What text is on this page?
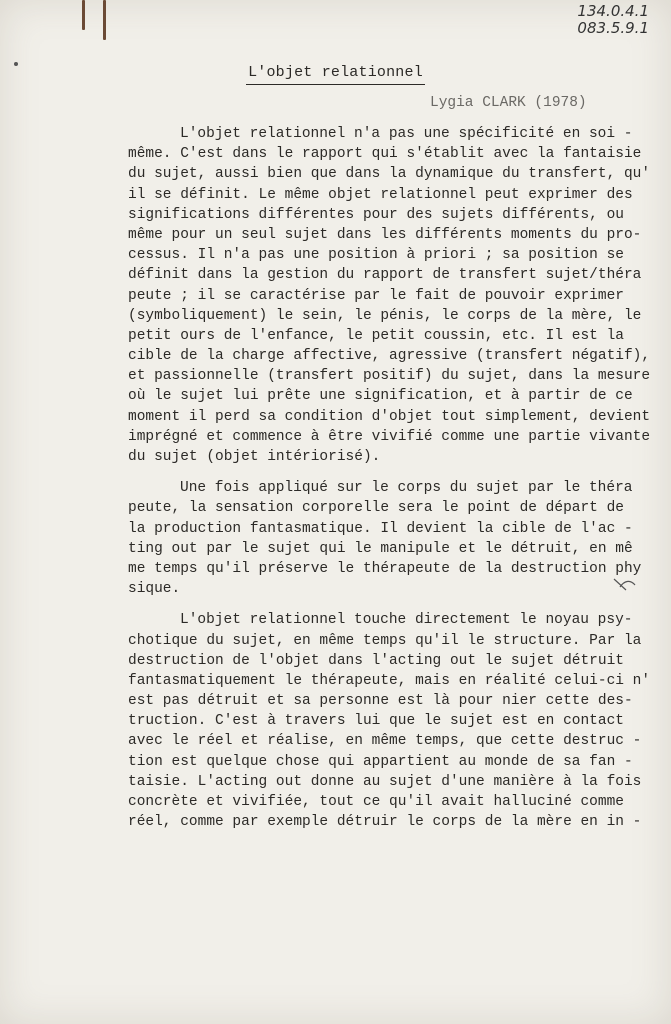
134.0.4.1
083.5.9.1
L'objet relationnel
Lygia CLARK (1978)
L'objet relationnel n'a pas une spécificité en soi -
même. C'est dans le rapport qui s'établit avec la fantaisie
du sujet, aussi bien que dans la dynamique du transfert, qu'
il se définit. Le même objet relationnel peut exprimer des
significations différentes pour des sujets différents, ou
même pour un seul sujet dans les différents moments du pro-
cessus. Il n'a pas une position à priori ; sa position se
définit dans la gestion du rapport de transfert sujet/théra
peute ; il se caractérise par le fait de pouvoir exprimer
(symboliquement) le sein, le pénis, le corps de la mère, le
petit ours de l'enfance, le petit coussin, etc. Il est la
cible de la charge affective, agressive (transfert négatif),
et passionnelle (transfert positif) du sujet, dans la mesure
où le sujet lui prête une signification, et à partir de ce
moment il perd sa condition d'objet tout simplement, devient
imprégné et commence à être vivifié comme une partie vivante
du sujet (objet intériorisé).
Une fois appliqué sur le corps du sujet par le théra
peute, la sensation corporelle sera le point de départ de
la production fantasmatique. Il devient la cible de l'ac -
ting out par le sujet qui le manipule et le détruit, en mê
me temps qu'il préserve le thérapeute de la destruction phy
sique.
L'objet relationnel touche directement le noyau psy-
chotique du sujet, en même temps qu'il le structure. Par la
destruction de l'objet dans l'acting out le sujet détruit
fantasmatiquement le thérapeute, mais en réalité celui-ci n'
est pas détruit et sa personne est là pour nier cette des-
truction. C'est à travers lui que le sujet est en contact
avec le réel et réalise, en même temps, que cette destruc -
tion est quelque chose qui appartient au monde de sa fan -
taisie. L'acting out donne au sujet d'une manière à la fois
concrète et vivifiée, tout ce qu'il avait halluciné comme
réel, comme par exemple détruir le corps de la mère en in -
